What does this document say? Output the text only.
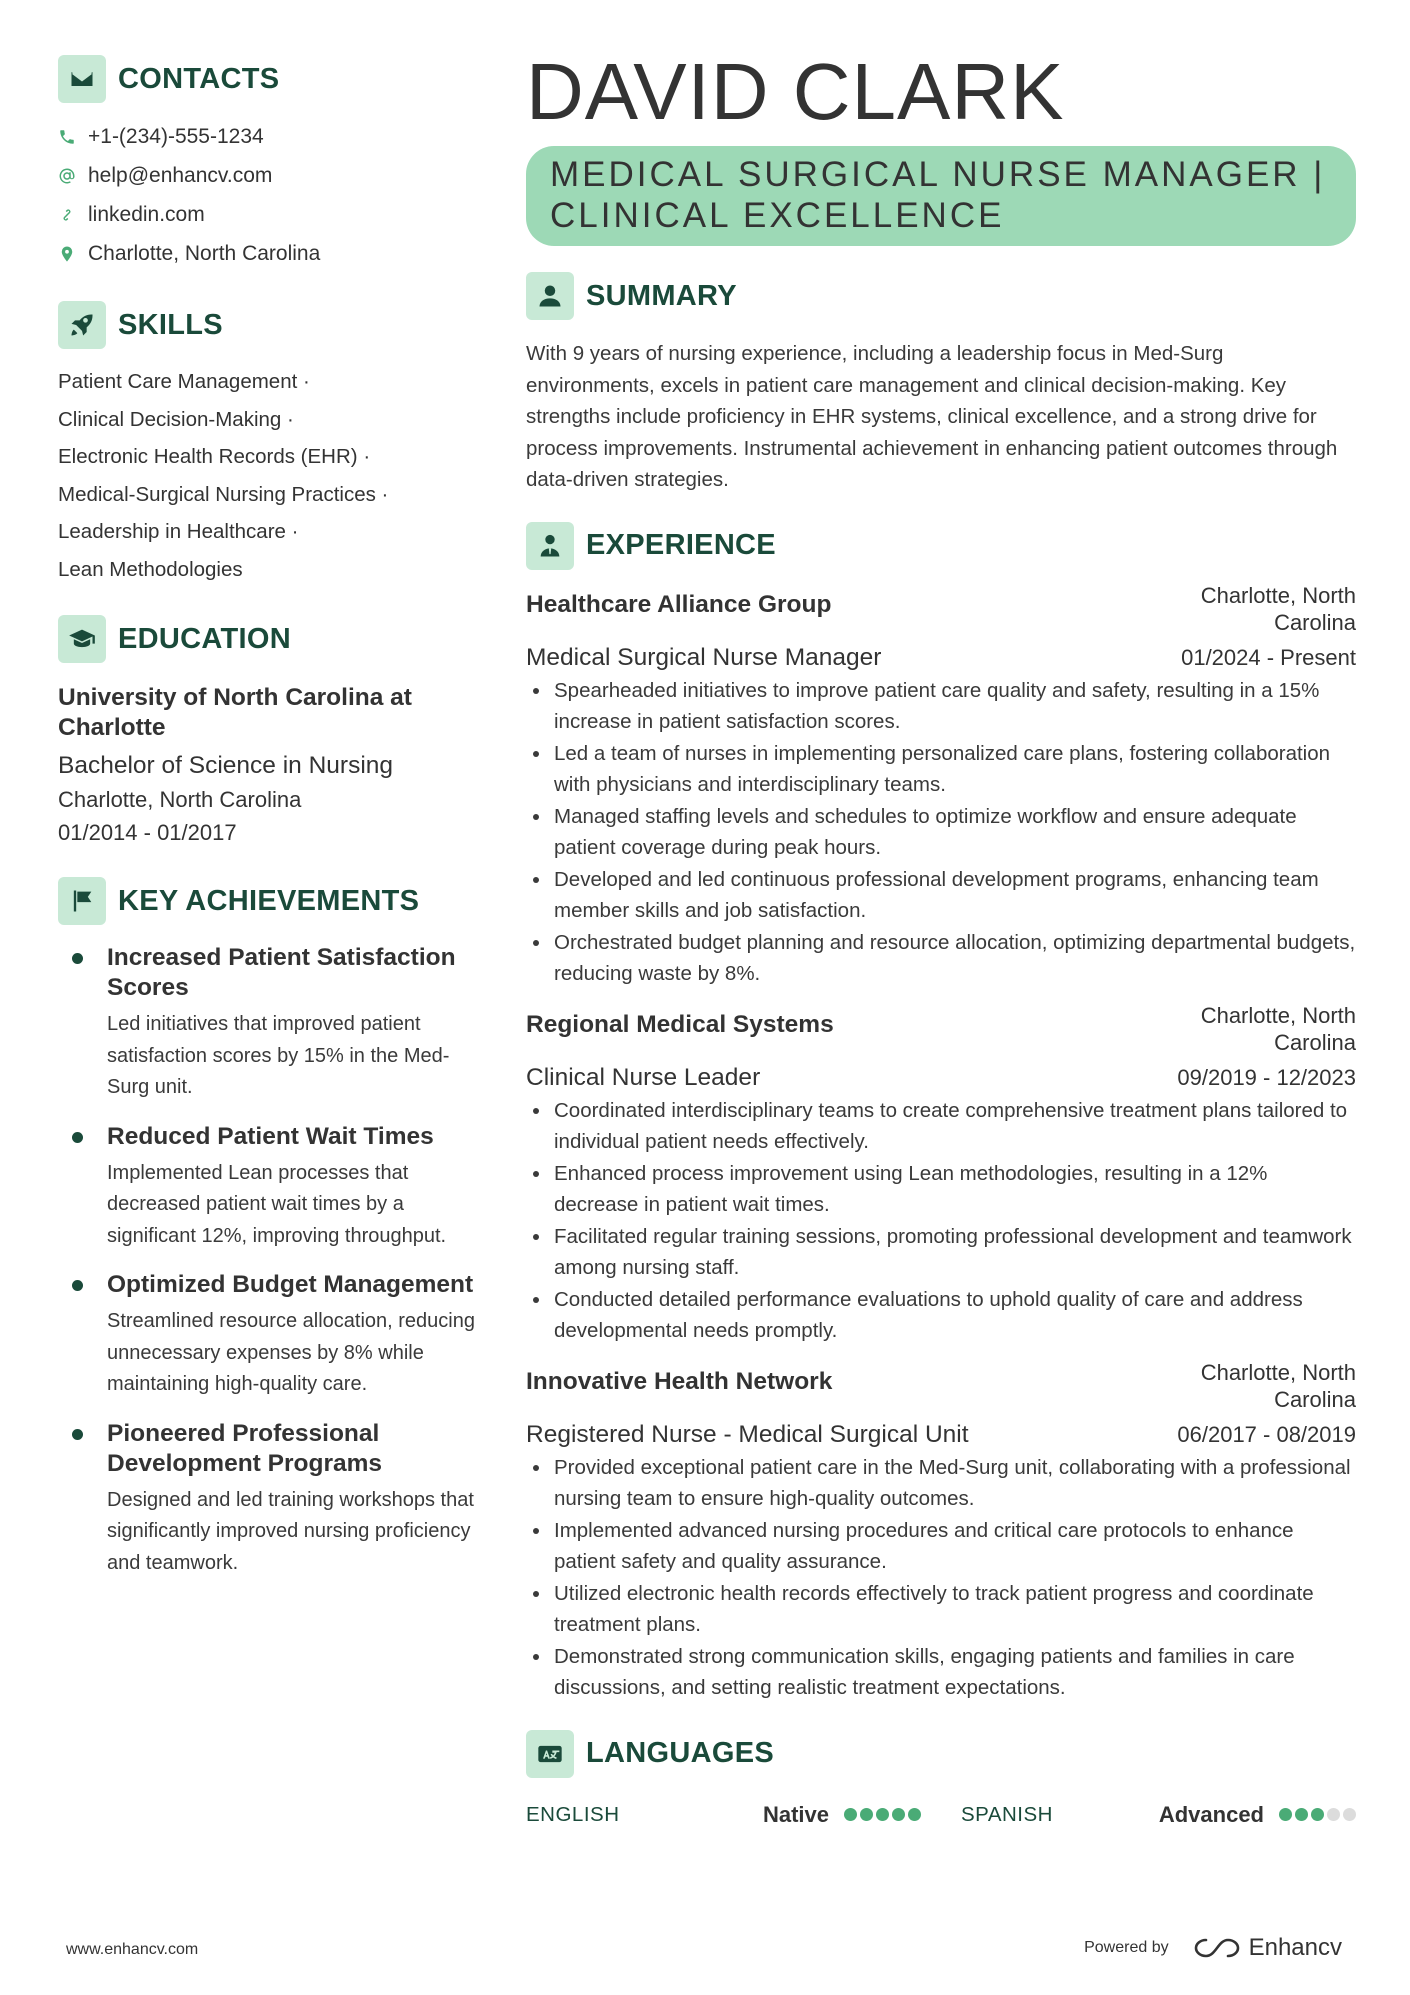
CONTACTS
+1-(234)-555-1234
help@enhancv.com
linkedin.com
Charlotte, North Carolina
SKILLS
Patient Care Management ·
Clinical Decision-Making ·
Electronic Health Records (EHR) ·
Medical-Surgical Nursing Practices ·
Leadership in Healthcare ·
Lean Methodologies
EDUCATION
University of North Carolina at
Charlotte
Bachelor of Science in Nursing
Charlotte, North Carolina
01/2014 - 01/2017
KEY ACHIEVEMENTS
Increased Patient Satisfaction Scores
Led initiatives that improved patient satisfaction scores by 15% in the Med-Surg unit.
Reduced Patient Wait Times
Implemented Lean processes that decreased patient wait times by a significant 12%, improving throughput.
Optimized Budget Management
Streamlined resource allocation, reducing unnecessary expenses by 8% while maintaining high-quality care.
Pioneered Professional Development Programs
Designed and led training workshops that significantly improved nursing proficiency and teamwork.
DAVID CLARK
MEDICAL SURGICAL NURSE MANAGER |
CLINICAL EXCELLENCE
SUMMARY
With 9 years of nursing experience, including a leadership focus in Med-Surg environments, excels in patient care management and clinical decision-making. Key strengths include proficiency in EHR systems, clinical excellence, and a strong drive for process improvements. Instrumental achievement in enhancing patient outcomes through data-driven strategies.
EXPERIENCE
Healthcare Alliance Group	Charlotte, North
Carolina
Medical Surgical Nurse Manager	01/2024 - Present
Spearheaded initiatives to improve patient care quality and safety, resulting in a 15% increase in patient satisfaction scores.
Led a team of nurses in implementing personalized care plans, fostering collaboration with physicians and interdisciplinary teams.
Managed staffing levels and schedules to optimize workflow and ensure adequate patient coverage during peak hours.
Developed and led continuous professional development programs, enhancing team member skills and job satisfaction.
Orchestrated budget planning and resource allocation, optimizing departmental budgets, reducing waste by 8%.
Regional Medical Systems	Charlotte, North
Carolina
Clinical Nurse Leader	09/2019 - 12/2023
Coordinated interdisciplinary teams to create comprehensive treatment plans tailored to individual patient needs effectively.
Enhanced process improvement using Lean methodologies, resulting in a 12% decrease in patient wait times.
Facilitated regular training sessions, promoting professional development and teamwork among nursing staff.
Conducted detailed performance evaluations to uphold quality of care and address developmental needs promptly.
Innovative Health Network	Charlotte, North
Carolina
Registered Nurse - Medical Surgical Unit	06/2017 - 08/2019
Provided exceptional patient care in the Med-Surg unit, collaborating with a professional nursing team to ensure high-quality outcomes.
Implemented advanced nursing procedures and critical care protocols to enhance patient safety and quality assurance.
Utilized electronic health records effectively to track patient progress and coordinate treatment plans.
Demonstrated strong communication skills, engaging patients and families in care discussions, and setting realistic treatment expectations.
LANGUAGES
ENGLISH	Native	SPANISH	Advanced
www.enhancv.com	Powered by	Enhancv
